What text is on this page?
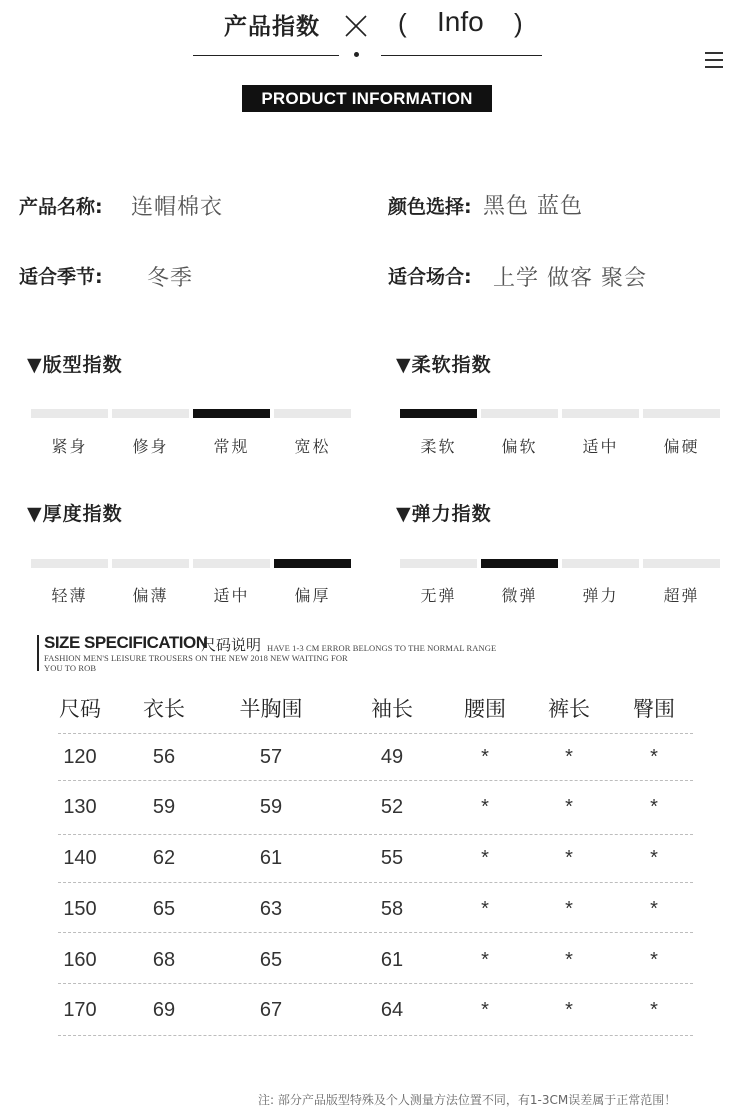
产品指数	( Info )
PRODUCT INFORMATION
产品名称: 连帽棉衣	颜色选择: 黑色 蓝色
适合季节: 冬季	适合场合: 上学 做客 聚会
▼版型指数
紧身	修身	常规	宽松
▼柔软指数
柔软	偏软	适中	偏硬
▼厚度指数
轻薄	偏薄	适中	偏厚
▼弹力指数
无弹	微弹	弹力	超弹
SIZE SPECIFICATION
尺码说明 HAVE 1-3 CM ERROR BELONGS TO THE NORMAL RANGE
FASHION MEN'S LEISURE TROUSERS ON THE NEW 2018 NEW WAITING FOR
YOU TO ROB
尺码	衣长	半胸围	袖长	腰围	裤长	臀围
120	56	57	49	*	*	*
130	59	59	52	*	*	*
140	62	61	55	*	*	*
150	65	63	58	*	*	*
160	68	65	61	*	*	*
170	69	67	64	*	*	*
注: 部分产品版型特殊及个人测量方法位置不同，有1-3CM误差属于正常范围！
